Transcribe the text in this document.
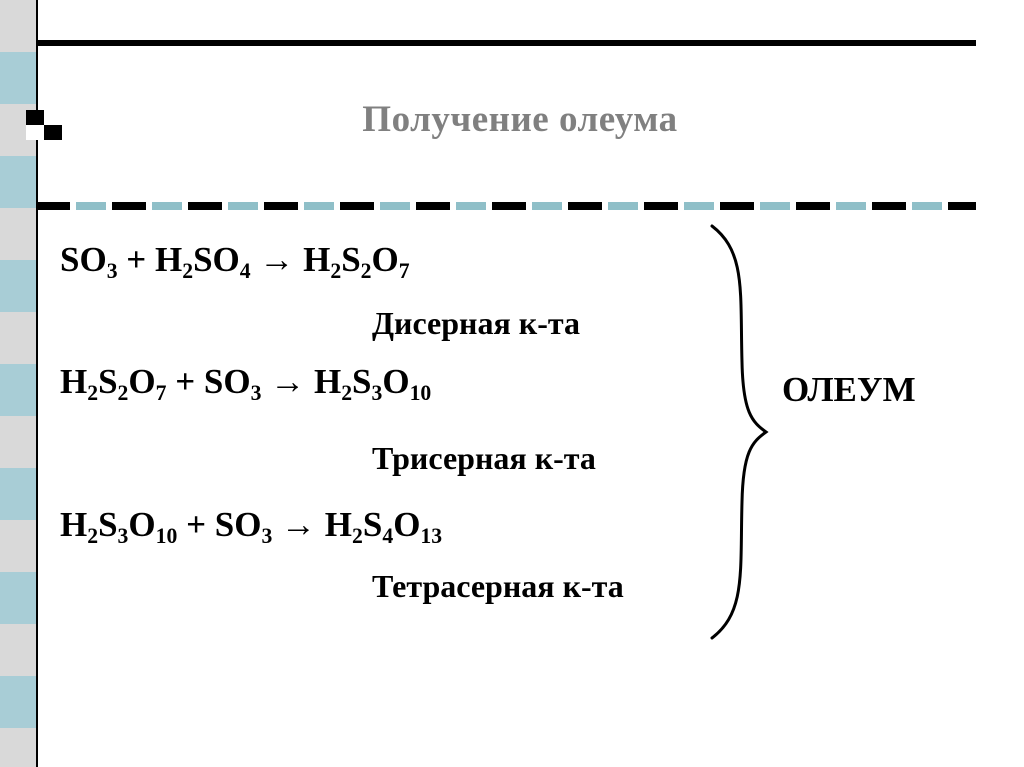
Получение олеума
$SO_3 + H_2SO_4 \to H_2S_2O_7$
Дисерная к-та
$H_2S_2O_7 + SO_3 \to H_2S_3O_{10}$
Трисерная к-та
$H_2S_3O_{10} + SO_3 \to H_2S_4O_{13}$
Тетрасерная к-та
ОЛЕУМ
